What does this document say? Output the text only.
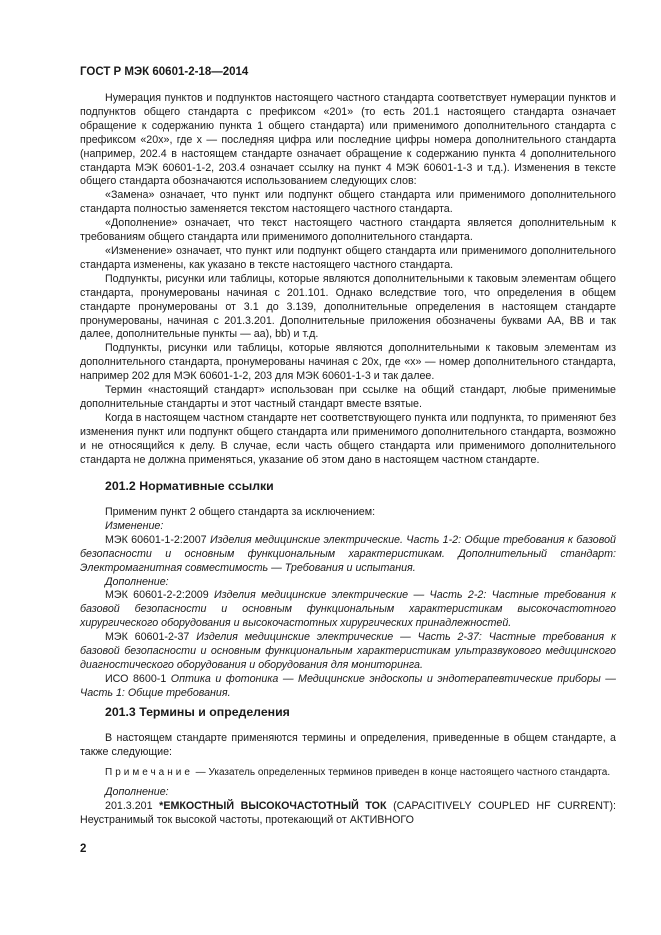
ГОСТ Р МЭК 60601-2-18—2014

Нумерация пунктов и подпунктов настоящего частного стандарта соответствует нумерации пунктов и подпунктов общего стандарта с префиксом «201» (то есть 201.1 настоящего стандарта означает обращение к содержанию пункта 1 общего стандарта) или применимого дополнительного стандарта с префиксом «20x», где x — последняя цифра или последние цифры номера дополнительного стандарта (например, 202.4 в настоящем стандарте означает обращение к содержанию пункта 4 дополнительного стандарта МЭК 60601-1-2, 203.4 означает ссылку на пункт 4 МЭК 60601-1-3 и т.д.). Изменения в тексте общего стандарта обозначаются использованием следующих слов:

«Замена» означает, что пункт или подпункт общего стандарта или применимого дополнительного стандарта полностью заменяется текстом настоящего частного стандарта.

«Дополнение» означает, что текст настоящего частного стандарта является дополнительным к требованиям общего стандарта или применимого дополнительного стандарта.

«Изменение» означает, что пункт или подпункт общего стандарта или применимого дополнительного стандарта изменены, как указано в тексте настоящего частного стандарта.

Подпункты, рисунки или таблицы, которые являются дополнительными к таковым элементам общего стандарта, пронумерованы начиная с 201.101. Однако вследствие того, что определения в общем стандарте пронумерованы от 3.1 до 3.139, дополнительные определения в настоящем стандарте пронумерованы, начиная с 201.3.201. Дополнительные приложения обозначены буквами АА, ВВ и так далее, дополнительные пункты — аа), bb) и т.д.

Подпункты, рисунки или таблицы, которые являются дополнительными к таковым элементам из дополнительного стандарта, пронумерованы начиная с 20x, где «x» — номер дополнительного стандарта, например 202 для МЭК 60601-1-2, 203 для МЭК 60601-1-3 и так далее.

Термин «настоящий стандарт» использован при ссылке на общий стандарт, любые применимые дополнительные стандарты и этот частный стандарт вместе взятые.

Когда в настоящем частном стандарте нет соответствующего пункта или подпункта, то применяют без изменения пункт или подпункт общего стандарта или применимого дополнительного стандарта, возможно и не относящийся к делу. В случае, если часть общего стандарта или применимого дополнительного стандарта не должна применяться, указание об этом дано в настоящем частном стандарте.

201.2 Нормативные ссылки

Применим пункт 2 общего стандарта за исключением:

Изменение:

МЭК 60601-1-2:2007 Изделия медицинские электрические. Часть 1-2: Общие требования к базовой безопасности и основным функциональным характеристикам. Дополнительный стандарт: Электромагнитная совместимость — Требования и испытания.

Дополнение:

МЭК 60601-2-2:2009 Изделия медицинские электрические — Часть 2-2: Частные требования к базовой безопасности и основным функциональным характеристикам высокочастотного хирургического оборудования и высокочастотных хирургических принадлежностей.

МЭК 60601-2-37 Изделия медицинские электрические — Часть 2-37: Частные требования к базовой безопасности и основным функциональным характеристикам ультразвукового медицинского диагностического оборудования и оборудования для мониторинга.

ИСО 8600-1 Оптика и фотоника — Медицинские эндоскопы и эндотерапевтические приборы — Часть 1: Общие требования.

201.3 Термины и определения

В настоящем стандарте применяются термины и определения, приведенные в общем стандарте, а также следующие:

Примечание — Указатель определенных терминов приведен в конце настоящего частного стандарта.

Дополнение:

201.3.201 *ЕМКОСТНЫЙ ВЫСОКОЧАСТОТНЫЙ ТОК (CAPACITIVELY COUPLED HF CURRENT): Неустранимый ток высокой частоты, протекающий от АКТИВНОГО

2
